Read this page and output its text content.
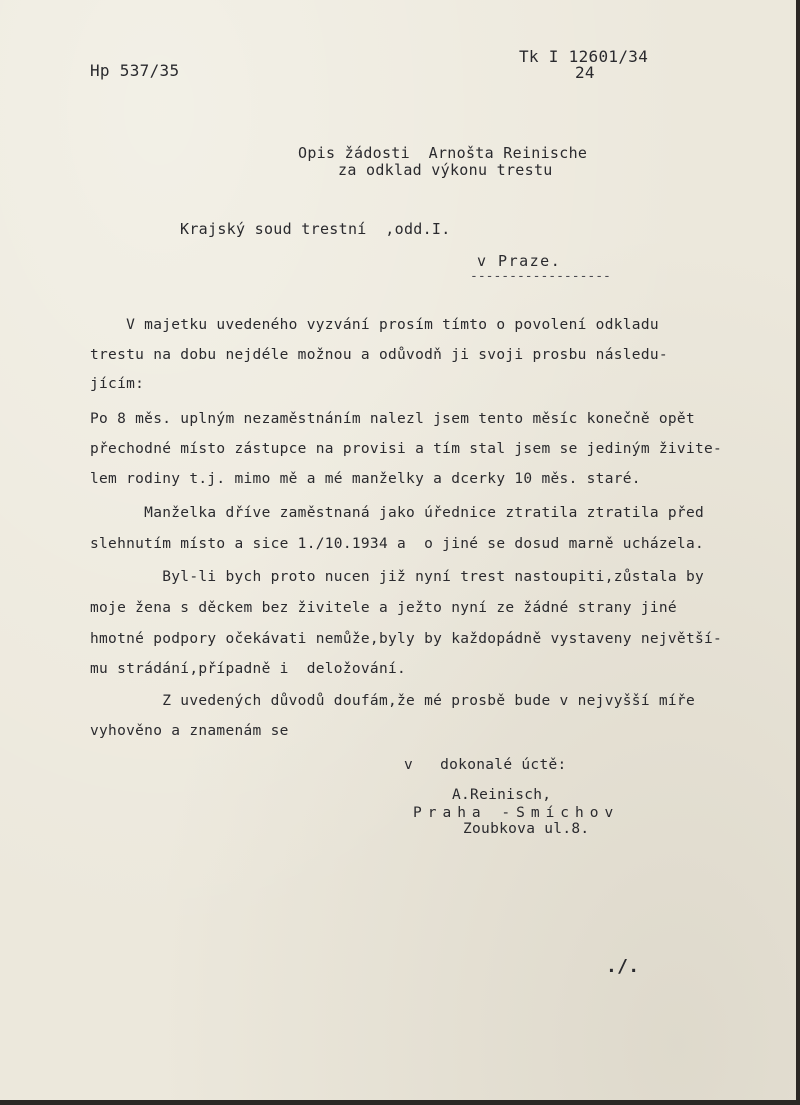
Hp 537/35
Tk I 12601/34
24
Opis žádosti  Arnošta Reinische
za odklad výkonu trestu
Krajský soud trestní  ,odd.I.
v Praze.
------------------
V majetku uvedeného vyzvání prosím tímto o povolení odkladu
trestu na dobu nejdéle možnou a odůvodň ji svoji prosbu následu-
jícím:
Po 8 měs. uplným nezaměstnáním nalezl jsem tento měsíc konečně opět
přechodné místo zástupce na provisi a tím stal jsem se jediným živite-
lem rodiny t.j. mimo mě a mé manželky a dcerky 10 měs. staré.
Manželka dříve zaměstnaná jako úřednice ztratila ztratila před
slehnutím místo a sice 1./10.1934 a  o jiné se dosud marně ucházela.
Byl-li bych proto nucen již nyní trest nastoupiti,zůstala by
moje žena s děckem bez živitele a ježto nyní ze žádné strany jiné
hmotné podpory očekávati nemůže,byly by každopádně vystaveny největší-
mu strádání,případně i  deložování.
Z uvedených důvodů doufám,že mé prosbě bude v nejvyšší míře
vyhověno a znamenám se
v   dokonalé úctě:
A.Reinisch,
Praha -Smíchov
Zoubkova ul.8.
./.
